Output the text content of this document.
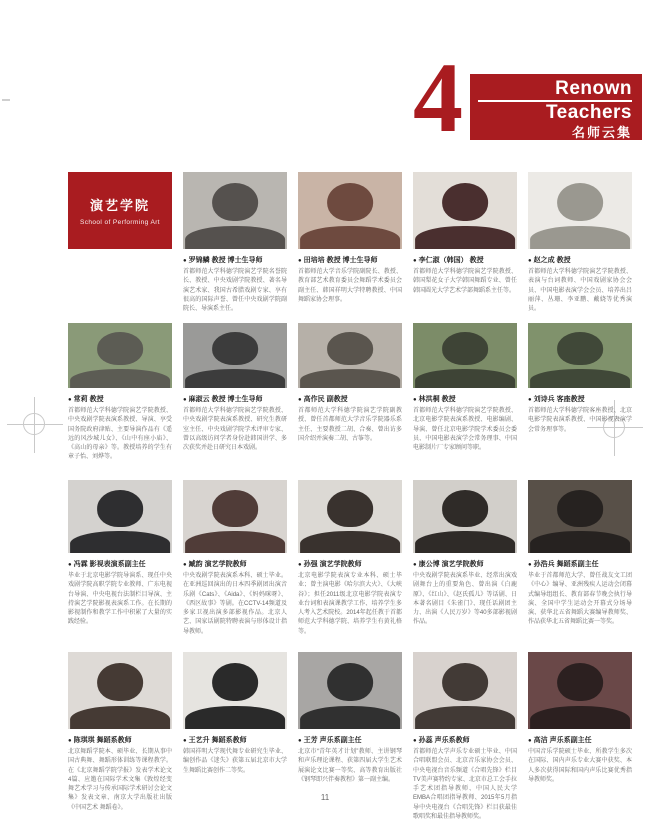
4	Renown
Teachers
名师云集
演艺学院
School of Performing Art
● 罗锦鳞 教授 博士生导师
首都师范大学科德学院演艺学院名誉院长、教授、中央戏剧学院教授、著名导演艺术家、我国古希腊戏剧专家、享有很高的国际声誉、曾任中央戏剧学院副院长、导演系主任。
● 田培培 教授 博士生导师
首都师范大学音乐学院副院长、教授、教育部艺术教育委员会舞蹈学术委员会副主任、韩国祥明大学特聘教授、中国舞蹈家协会理事。
● 李仁淑（韩国） 教授
首都师范大学科德学院演艺学院教授、韩国梨花女子大学韩国舞蹈专业、曾任韩国圆光大学艺术学部舞蹈系主任等。
● 赵之成 教授
首都师范大学科德学院演艺学院教授、表演与台词教师、中国戏剧家协会会员、中国电影表演学会会员、培养出吕丽萍、丛珊、李亚鹏、戴娆等优秀演员。
● 常莉 教授
首都师范大学科德学院演艺学院教授、中央戏剧学院表演系教授、导演、享受国务院政府津贴、主要导演作品有《遥远的风沙城儿女》、《山中有座小庙》、《高山的母亲》等。教授培养的学生有章子怡、刘烨等。
● 麻淑云 教授 博士生导师
首都师范大学科德学院演艺学院教授、中央戏剧学院表演系教授、研究生教研室主任、中央戏剧学院学术评审专家、曾以高级访问学者身份赴韩国讲学、多次获奖并赴日研究日本戏剧。
● 高作民 副教授
首都师范大学科德学院演艺学院副教授、曾任首都师范大学音乐学院器乐系主任、主要教授二胡、合奏、曾出访多国介绍并演奏二胡、古筝等。
● 林洪桐 教授
首都师范大学科德学院演艺学院教授、北京电影学院表演系教授、电影编剧、导演、曾任北京电影学院学术委员会委员、中国电影表演学会常务理事、中国电影制片厂专家顾问等职。
● 刘诗兵 客座教授
首都师范大学科德学院客座教授、北京电影学院表演系教授、中国影视表演学会常务理事等。
● 冯霖 影视表演系副主任
毕业于北京电影学院导演系、现任中央戏剧学院高职学院专业教师、广东电视台导演、中央电视台法制栏目导演、主持演艺学院影视表演系工作。在长期的影视制作和教学工作中积累了大量的实践经验。
● 臧韵 演艺学院教师
中央戏剧学院表演系本科、硕士毕业。在亚洲巡回演出的日本四季剧团出演音乐剧《Cats》、《Aida》、《妈妈咪呀》、《西区故事》等剧。在CCTV-14频道及多家卫视出演多部影视作品。北京人艺、国家话剧院特聘表演与形体设计指导教师。
● 孙强 演艺学院教师
北京电影学院表演专业本科、硕士毕业；曾主演电影《哈尔滨大火》、《大峡谷》；担任2011级北京电影学院表演专业台词和表演课教学工作、培养学生多人考入艺术院校。2014年起任教于首都师范大学科德学院、培养学生有黄礼格等。
● 康公博 演艺学院教师
中央戏剧学院表演系毕业、经常出演戏剧舞台上的重要角色、曾出演《白鹿原》、《红山》、《赵氏孤儿》等话剧、日本著名剧目《朱雀门》、现任话剧团主力、出演《人民万岁》等40多部影视剧作品。
● 孙浩兵 舞蹈系副主任
毕业于首都师范大学、曾任战友文工团《中心》编导、亚洲残疾人运动会闭幕式编导组组长、教育部春节晚会执行导演、全国中学生运动会开幕式分场导演、获华北五省舞蹈大赛编导教师奖、作品获华北五省舞蹈比赛一等奖。
● 陈琪琪 舞蹈系教师
北京舞蹈学院本、硕毕业、长期从事中国古典舞、舞蹈形体训练等课程教学。在《北京舞蹈学院学报》发表学术论文4篇、应邀在国际学术文集《敦煌经变舞艺术学习与传承国际学术研讨会论文集》发表文章、南京大学出版社出版《中国艺术 舞蹈卷》。
● 王艺升 舞蹈系教师
韩国祥明大学现代舞专业研究生毕业、编创作品《迷失》获第五届北京市大学生舞蹈比赛创作二等奖。
● 王芳 声乐系副主任
北京市“青年英才计划”教师、主讲钢琴和声乐理论课程、获第四届大学生艺术展演论文比赛一等奖、高等教育出版社《钢琴即兴伴奏教程》第一副主编。
● 孙蕊 声乐系教师
首都师范大学声乐专业硕士毕业、中国合唱联盟会员、北京音乐家协会会员、中央电视台音乐频道《合唱先锋》栏目TV美声赛特约专家、北京市总工会手拉手艺术团指导教师、中国人民大学EMBA合唱团指导教师、2015年5月指导中央电视台《合唱先锋》栏目获最佳歌唱奖和最佳指导教师奖。
● 高洁 声乐系副主任
中国音乐学院硕士毕业、所教学生多次在国际、国内声乐专业大赛中获奖、本人多次获得国际和国内声乐比赛优秀指导教师奖。
11
